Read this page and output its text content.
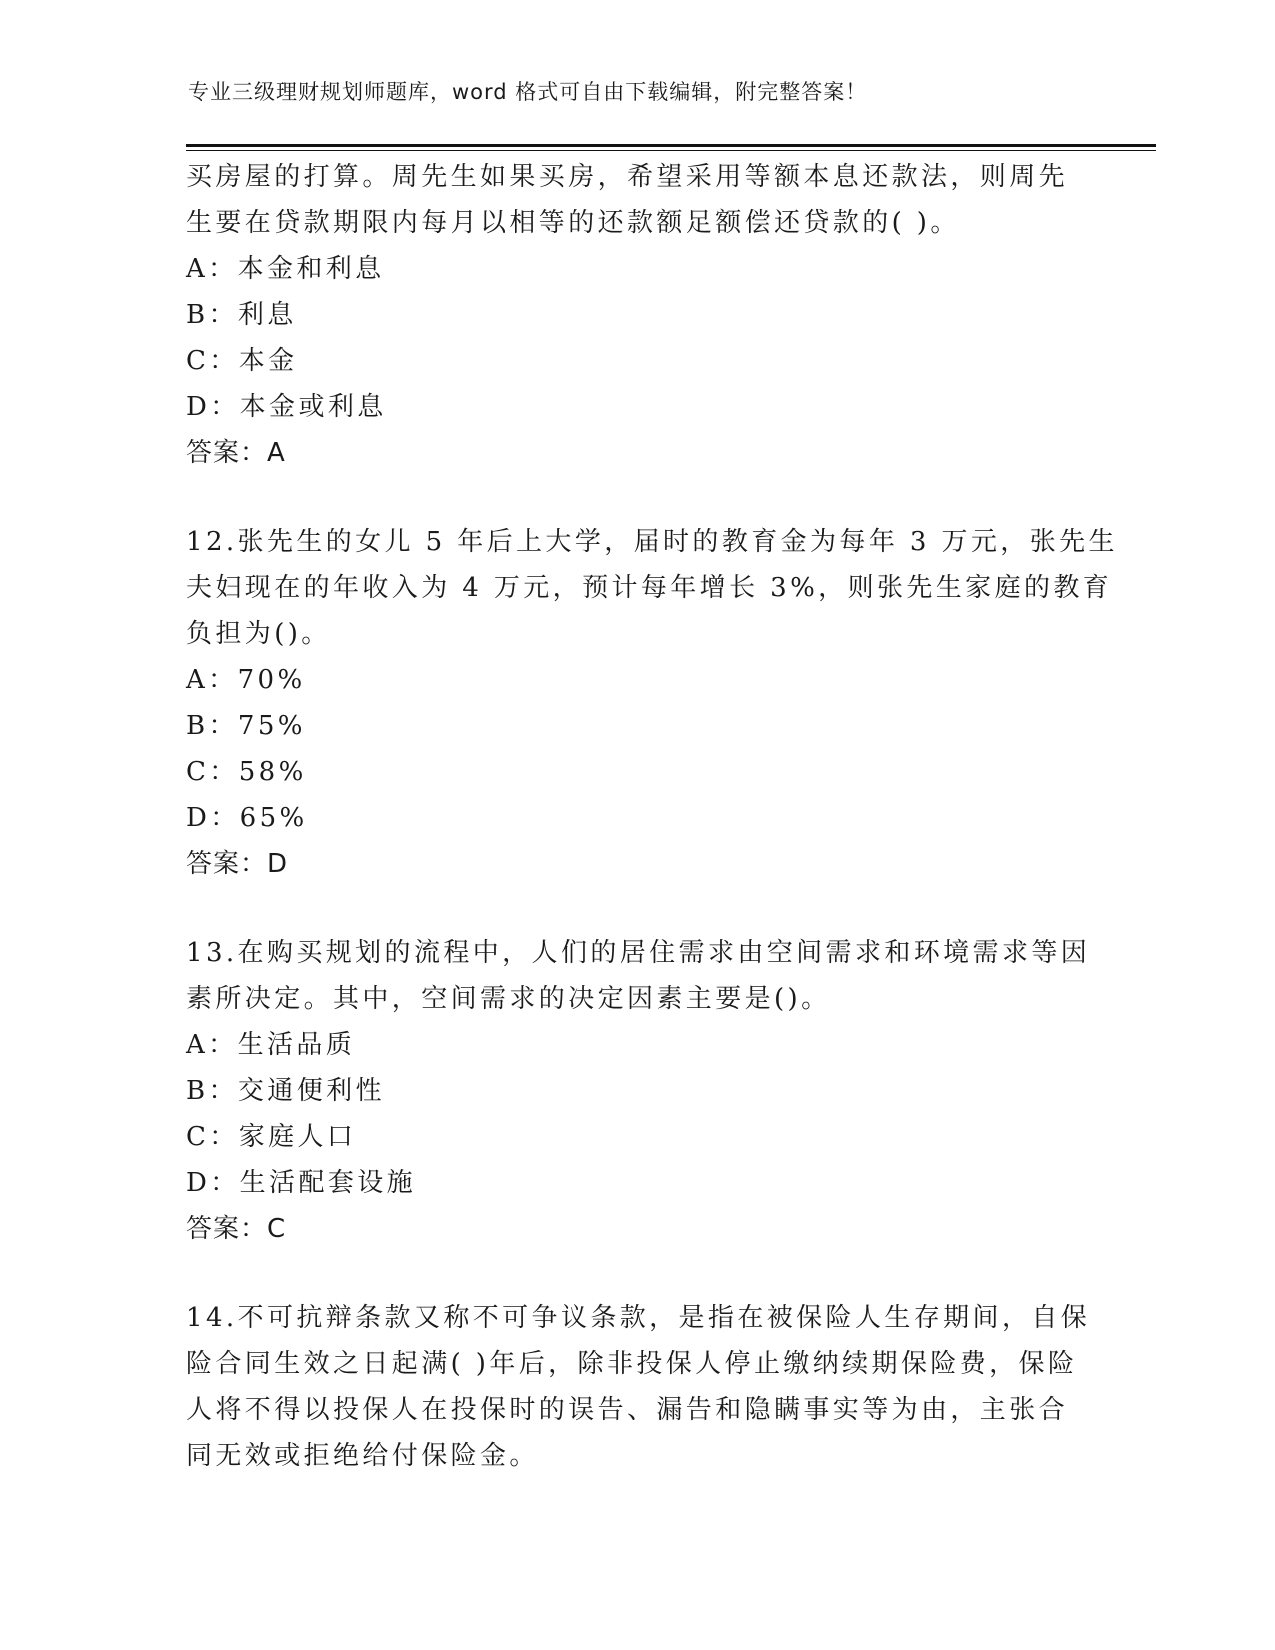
专业三级理财规划师题库，word 格式可自由下载编辑，附完整答案！
买房屋的打算。周先生如果买房，希望采用等额本息还款法，则周先
生要在贷款期限内每月以相等的还款额足额偿还贷款的( )。
A：本金和利息
B：利息
C：本金
D：本金或利息
答案：A
12.张先生的女儿 5 年后上大学，届时的教育金为每年 3 万元，张先生
夫妇现在的年收入为 4 万元，预计每年增长 3%，则张先生家庭的教育
负担为()。
A：70%
B：75%
C：58%
D：65%
答案：D
13.在购买规划的流程中，人们的居住需求由空间需求和环境需求等因
素所决定。其中，空间需求的决定因素主要是()。
A：生活品质
B：交通便利性
C：家庭人口
D：生活配套设施
答案：C
14.不可抗辩条款又称不可争议条款，是指在被保险人生存期间，自保
险合同生效之日起满( )年后，除非投保人停止缴纳续期保险费，保险
人将不得以投保人在投保时的误告、漏告和隐瞒事实等为由，主张合
同无效或拒绝给付保险金。
